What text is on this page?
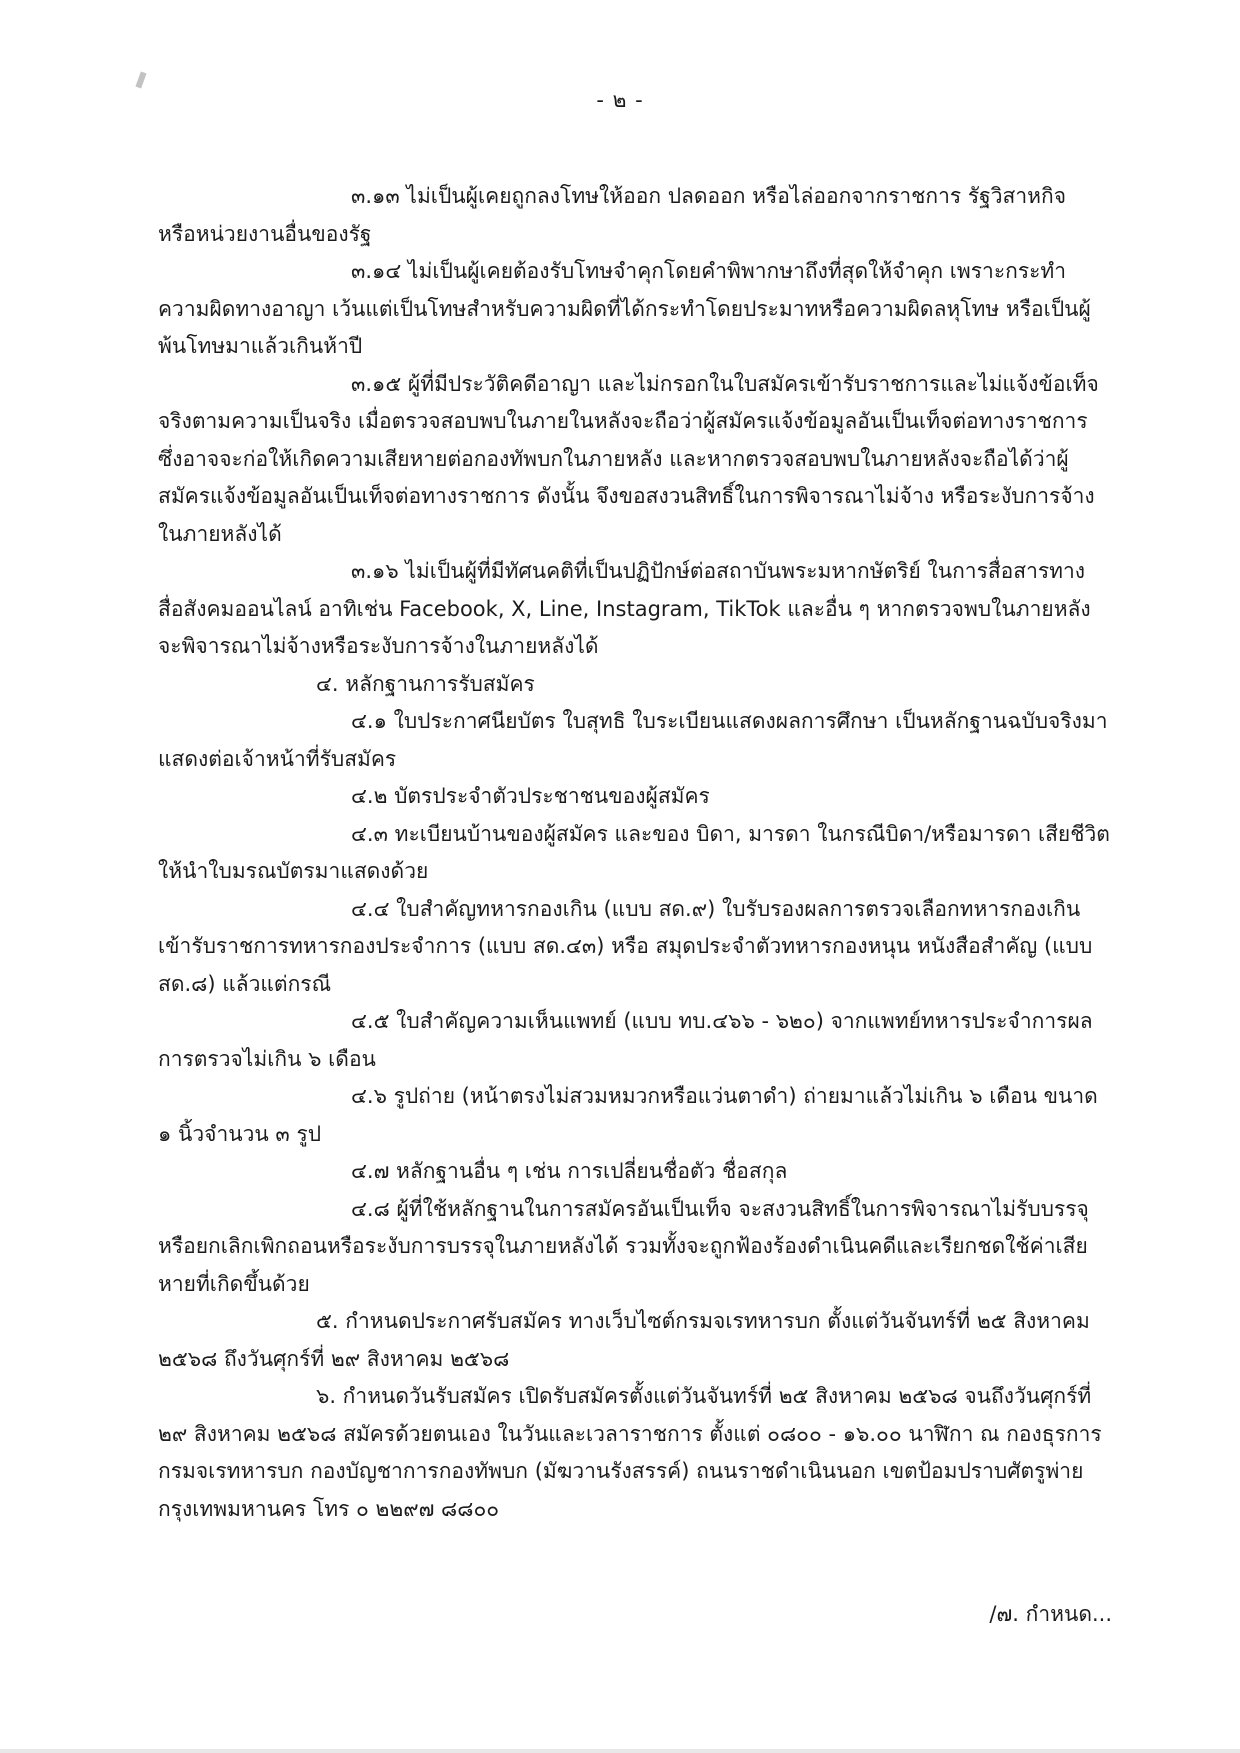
- ๒ -

๓.๑๓ ไม่เป็นผู้เคยถูกลงโทษให้ออก ปลดออก หรือไล่ออกจากราชการ รัฐวิสาหกิจ หรือหน่วยงานอื่นของรัฐ

๓.๑๔ ไม่เป็นผู้เคยต้องรับโทษจำคุกโดยคำพิพากษาถึงที่สุดให้จำคุก เพราะกระทำความผิดทางอาญา เว้นแต่เป็นโทษสำหรับความผิดที่ได้กระทำโดยประมาทหรือความผิดลหุโทษ หรือเป็นผู้พ้นโทษมาแล้วเกินห้าปี

๓.๑๕ ผู้ที่มีประวัติคดีอาญา และไม่กรอกในใบสมัครเข้ารับราชการและไม่แจ้งข้อเท็จจริงตามความเป็นจริง เมื่อตรวจสอบพบในภายในหลังจะถือว่าผู้สมัครแจ้งข้อมูลอันเป็นเท็จต่อทางราชการซึ่งอาจจะก่อให้เกิดความเสียหายต่อกองทัพบกในภายหลัง และหากตรวจสอบพบในภายหลังจะถือได้ว่าผู้สมัครแจ้งข้อมูลอันเป็นเท็จต่อทางราชการ ดังนั้น จึงขอสงวนสิทธิ์ในการพิจารณาไม่จ้าง หรือระงับการจ้างในภายหลังได้

๓.๑๖ ไม่เป็นผู้ที่มีทัศนคติที่เป็นปฏิปักษ์ต่อสถาบันพระมหากษัตริย์ ในการสื่อสารทางสื่อสังคมออนไลน์ อาทิเช่น Facebook, X, Line, Instagram, TikTok และอื่น ๆ หากตรวจพบในภายหลังจะพิจารณาไม่จ้างหรือระงับการจ้างในภายหลังได้

๔. หลักฐานการรับสมัคร

๔.๑ ใบประกาศนียบัตร ใบสุทธิ ใบระเบียนแสดงผลการศึกษา เป็นหลักฐานฉบับจริงมาแสดงต่อเจ้าหน้าที่รับสมัคร

๔.๒ บัตรประจำตัวประชาชนของผู้สมัคร

๔.๓ ทะเบียนบ้านของผู้สมัคร และของ บิดา, มารดา ในกรณีบิดา/หรือมารดา เสียชีวิต ให้นำใบมรณบัตรมาแสดงด้วย

๔.๔ ใบสำคัญทหารกองเกิน (แบบ สด.๙) ใบรับรองผลการตรวจเลือกทหารกองเกินเข้ารับราชการทหารกองประจำการ (แบบ สด.๔๓) หรือ สมุดประจำตัวทหารกองหนุน หนังสือสำคัญ (แบบ สด.๘) แล้วแต่กรณี

๔.๕ ใบสำคัญความเห็นแพทย์ (แบบ ทบ.๔๖๖ - ๖๒๐) จากแพทย์ทหารประจำการผลการตรวจไม่เกิน ๖ เดือน

๔.๖ รูปถ่าย (หน้าตรงไม่สวมหมวกหรือแว่นตาดำ) ถ่ายมาแล้วไม่เกิน ๖ เดือน ขนาด ๑ นิ้วจำนวน ๓ รูป

๔.๗ หลักฐานอื่น ๆ เช่น การเปลี่ยนชื่อตัว ชื่อสกุล

๔.๘ ผู้ที่ใช้หลักฐานในการสมัครอันเป็นเท็จ จะสงวนสิทธิ์ในการพิจารณาไม่รับบรรจุ หรือยกเลิกเพิกถอนหรือระงับการบรรจุในภายหลังได้ รวมทั้งจะถูกฟ้องร้องดำเนินคดีและเรียกชดใช้ค่าเสียหายที่เกิดขึ้นด้วย

๕. กำหนดประกาศรับสมัคร ทางเว็บไซต์กรมจเรทหารบก ตั้งแต่วันจันทร์ที่ ๒๕ สิงหาคม ๒๕๖๘ ถึงวันศุกร์ที่ ๒๙ สิงหาคม ๒๕๖๘

๖. กำหนดวันรับสมัคร เปิดรับสมัครตั้งแต่วันจันทร์ที่ ๒๕ สิงหาคม ๒๕๖๘ จนถึงวันศุกร์ที่ ๒๙ สิงหาคม ๒๕๖๘ สมัครด้วยตนเอง ในวันและเวลาราชการ ตั้งแต่ ๐๘๐๐ - ๑๖.๐๐ นาฬิกา ณ กองธุรการ กรมจเรทหารบก กองบัญชาการกองทัพบก (มัฆวานรังสรรค์) ถนนราชดำเนินนอก เขตป้อมปราบศัตรูพ่าย กรุงเทพมหานคร โทร ๐ ๒๒๙๗ ๘๘๐๐

/๗. กำหนด...
